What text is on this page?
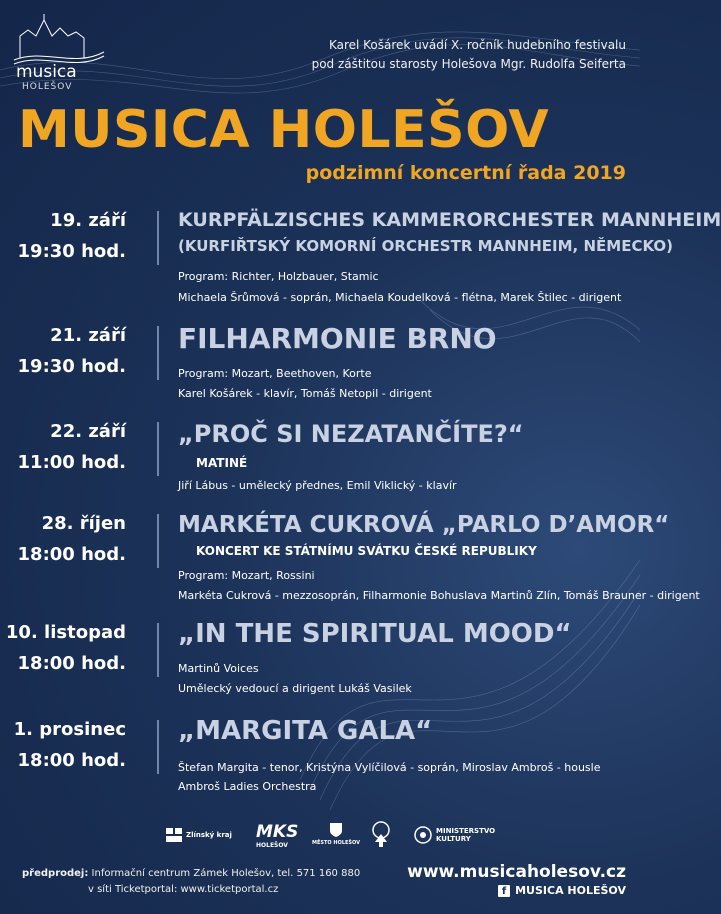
musica
HOLEŠOV
Karel Košárek uvádí X. ročník hudebního festivalu
pod záštitou starosty Holešova Mgr. Rudolfa Seiferta
MUSICA HOLEŠOV
podzimní koncertní řada 2019
19. září
19:30 hod.
KURPFÄLZISCHES KAMMERORCHESTER MANNHEIM
(KURFIŘTSKÝ KOMORNÍ ORCHESTR MANNHEIM, NĚMECKO)
Program: Richter, Holzbauer, Stamic
Michaela Šrůmová - soprán, Michaela Koudelková - flétna, Marek Štilec - dirigent
21. září
19:30 hod.
FILHARMONIE BRNO
Program: Mozart, Beethoven, Korte
Karel Košárek - klavír, Tomáš Netopil - dirigent
22. září
11:00 hod.
„PROČ SI NEZATANČÍTE?“
MATINÉ
Jiří Lábus - umělecký přednes, Emil Viklický - klavír
28. říjen
18:00 hod.
MARKÉTA CUKROVÁ „PARLO D’AMOR“
KONCERT KE STÁTNÍMU SVÁTKU ČESKÉ REPUBLIKY
Program: Mozart, Rossini
Markéta Cukrová - mezzosoprán, Filharmonie Bohuslava Martinů Zlín, Tomáš Brauner - dirigent
10. listopad
18:00 hod.
„IN THE SPIRITUAL MOOD“
Martinů Voices
Umělecký vedoucí a dirigent Lukáš Vasilek
1. prosinec
18:00 hod.
„MARGITA GALA“
Štefan Margita - tenor, Kristýna Vylíčilová - soprán, Miroslav Ambroš - housle
Ambroš Ladies Orchestra
Zlínský kraj MKS
HOLEŠOV	MĚSTO HOLEŠOV
MINISTERSTVO
KULTURY
předprodej: Informační centrum Zámek Holešov, tel. 571 160 880
v síti Ticketportal: www.ticketportal.cz
www.musicaholesov.cz
f MUSICA HOLEŠOV
